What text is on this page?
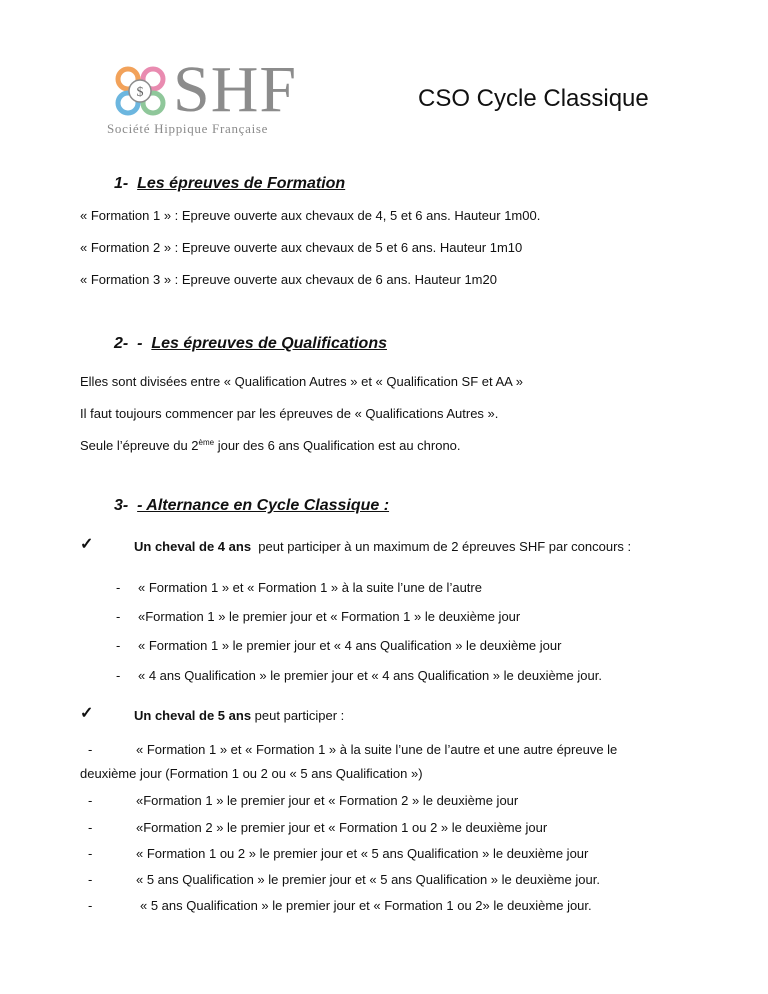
$ SHF
Société Hippique Française
CSO Cycle Classique
1- Les épreuves de Formation
« Formation 1 » : Epreuve ouverte aux chevaux de 4, 5 et 6 ans. Hauteur 1m00.
« Formation 2 » : Epreuve ouverte aux chevaux de 5 et 6 ans. Hauteur 1m10
« Formation 3 » : Epreuve ouverte aux chevaux de 6 ans. Hauteur 1m20
2- - Les épreuves de Qualifications
Elles sont divisées entre « Qualification Autres » et « Qualification SF et AA »
Il faut toujours commencer par les épreuves de « Qualifications Autres ».
Seule l’épreuve du 2ème jour des 6 ans Qualification est au chrono.
3- - Alternance en Cycle Classique :
✓	Un cheval de 4 ans  peut participer à un maximum de 2 épreuves SHF par concours :
- « Formation 1 » et « Formation 1 » à la suite l’une de l’autre
- «Formation 1 » le premier jour et « Formation 1 » le deuxième jour
- « Formation 1 » le premier jour et « 4 ans Qualification » le deuxième jour
- « 4 ans Qualification » le premier jour et « 4 ans Qualification » le deuxième jour.
✓	Un cheval de 5 ans peut participer :
-	« Formation 1 » et « Formation 1 » à la suite l’une de l’autre et une autre épreuve le
deuxième jour (Formation 1 ou 2 ou « 5 ans Qualification »)
-	«Formation 1 » le premier jour et « Formation 2 » le deuxième jour
-	«Formation 2 » le premier jour et « Formation 1 ou 2 » le deuxième jour
-	« Formation 1 ou 2 » le premier jour et « 5 ans Qualification » le deuxième jour
-	« 5 ans Qualification » le premier jour et « 5 ans Qualification » le deuxième jour.
-	« 5 ans Qualification » le premier jour et « Formation 1 ou 2» le deuxième jour.
